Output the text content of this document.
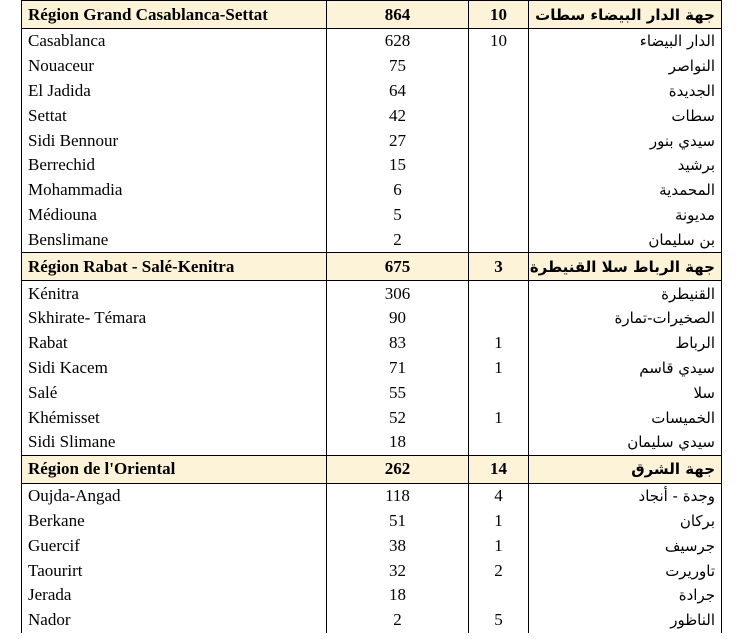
Région Grand Casablanca-Settat	864	10	جهة الدار البيضاء سطات
Casablanca	628	10	الدار البيضاء
Nouaceur	75		النواصر
El Jadida	64		الجديدة
Settat	42		سطات
Sidi Bennour	27		سيدي بنور
Berrechid	15		برشيد
Mohammadia	6		المحمدية
Médiouna	5		مديونة
Benslimane	2		بن سليمان
Région Rabat - Salé-Kenitra	675	3	جهة الرباط سلا القنيطرة
Kénitra	306		القنيطرة
Skhirate- Témara	90		الصخيرات-تمارة
Rabat	83	1	الرباط
Sidi Kacem	71	1	سيدي قاسم
Salé	55		سلا
Khémisset	52	1	الخميسات
Sidi Slimane	18		سيدي سليمان
Région de l'Oriental	262	14	جهة الشرق
Oujda-Angad	118	4	وجدة - أنجاد
Berkane	51	1	بركان
Guercif	38	1	جرسيف
Taourirt	32	2	تاوريرت
Jerada	18		جرادة
Nador	2	5	الناظور
